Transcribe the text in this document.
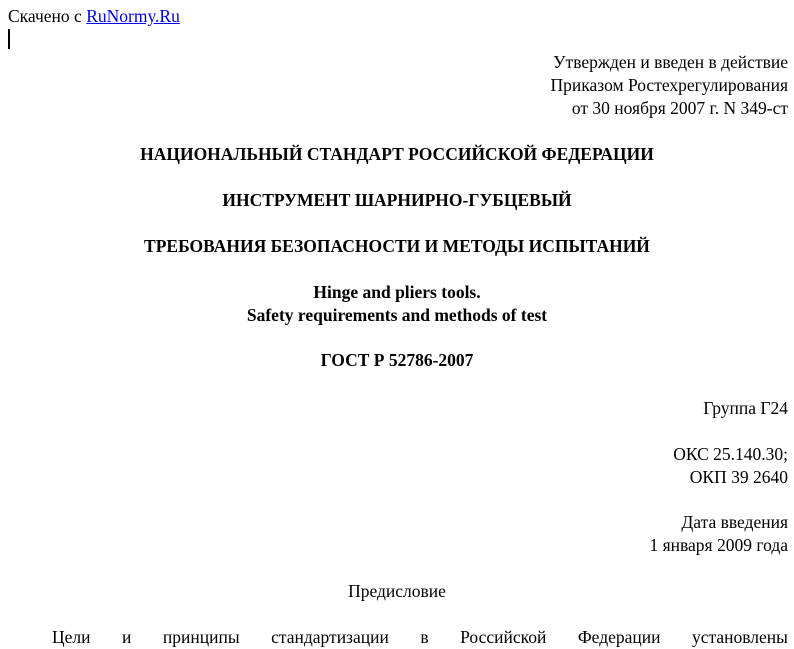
Скачено с RuNormy.Ru
Утвержден и введен в действие
Приказом Ростехрегулирования
от 30 ноября 2007 г. N 349-ст
НАЦИОНАЛЬНЫЙ СТАНДАРТ РОССИЙСКОЙ ФЕДЕРАЦИИ
ИНСТРУМЕНТ ШАРНИРНО-ГУБЦЕВЫЙ
ТРЕБОВАНИЯ БЕЗОПАСНОСТИ И МЕТОДЫ ИСПЫТАНИЙ
Hinge and pliers tools.
Safety requirements and methods of test
ГОСТ Р 52786-2007
Группа Г24
ОКС 25.140.30;
ОКП 39 2640
Дата введения
1 января 2009 года
Предисловие
Цели и принципы стандартизации в Российской Федерации установлены
